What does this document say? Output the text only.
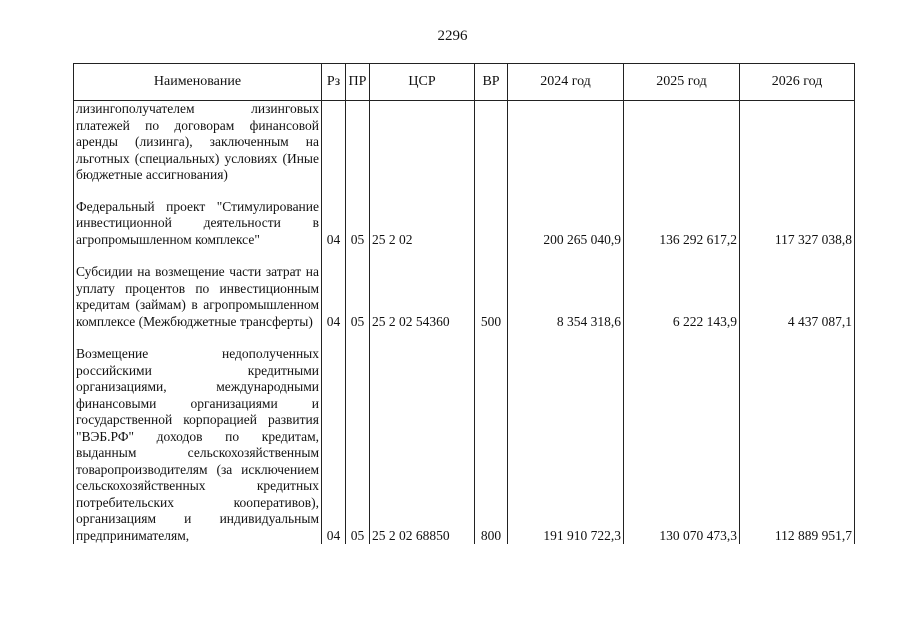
2296
Наименование	Рз	ПР	ЦСР	ВР	2024 год	2025 год	2026 год
лизингополучателем лизинговых платежей по договорам финансовой аренды (лизинга), заключенным на льготных (специальных) условиях (Иные бюджетные ассигнования)							
Федеральный проект "Стимулирование инвестиционной деятельности в агропромышленном комплексе"	04	05	25 2 02		200 265 040,9	136 292 617,2	117 327 038,8
Субсидии на возмещение части затрат на уплату процентов по инвестиционным кредитам (займам) в агропромышленном комплексе (Межбюджетные трансферты)	04	05	25 2 02 54360	500	8 354 318,6	6 222 143,9	4 437 087,1
Возмещение недополученных российскими кредитными организациями, международными финансовыми организациями и государственной корпорацией развития "ВЭБ.РФ" доходов по кредитам, выданным сельскохозяйственным товаропроизводителям (за исключением сельскохозяйственных кредитных потребительских кооперативов), организациям и индивидуальным предпринимателям,	04	05	25 2 02 68850	800	191 910 722,3	130 070 473,3	112 889 951,7
